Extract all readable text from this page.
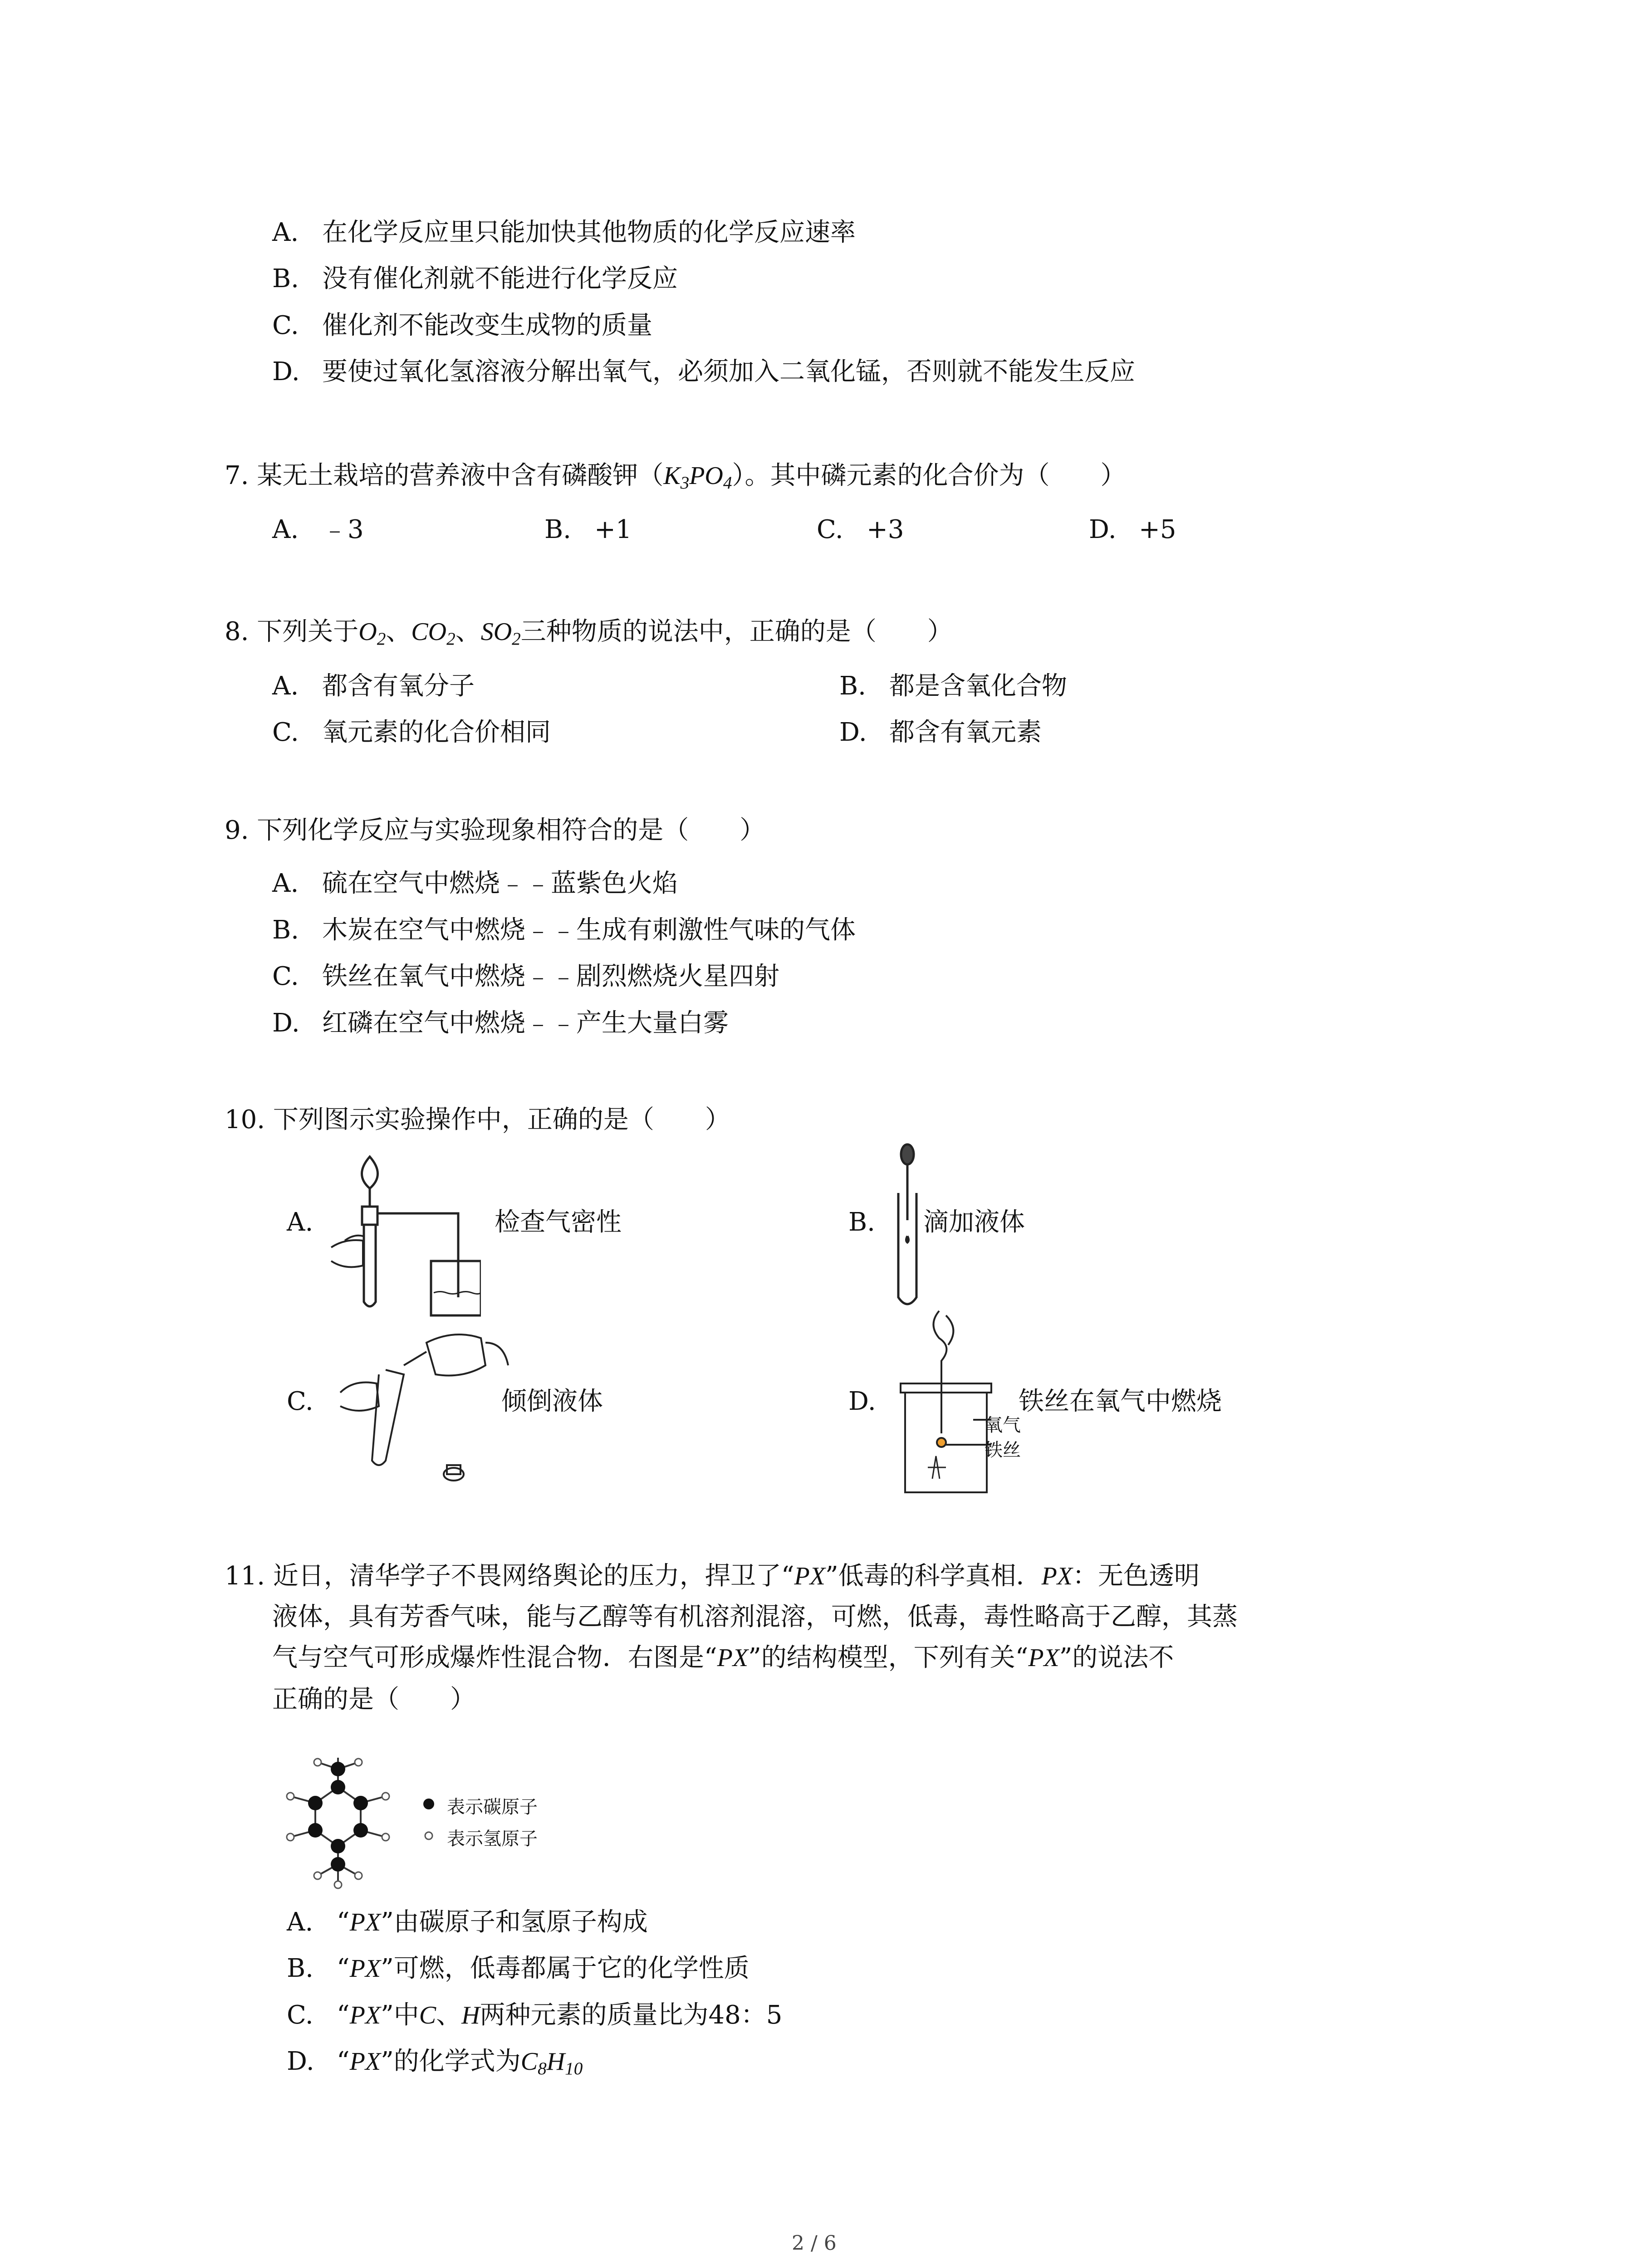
A. 在化学反应里只能加快其他物质的化学反应速率
B. 没有催化剂就不能进行化学反应
C. 催化剂不能改变生成物的质量
D. 要使过氧化氢溶液分解出氧气，必须加入二氧化锰，否则就不能发生反应
7. 某无土栽培的营养液中含有磷酸钾$(K_3PO_4)$。其中磷元素的化合价为（　　）
A. ﹣3	B. +1	C. +3	D. +5
8. 下列关于$O_2$、$CO_2$、$SO_2$三种物质的说法中，正确的是（　　）
A. 都含有氧分子	B. 都是含氧化合物
C. 氧元素的化合价相同	D. 都含有氧元素
9. 下列化学反应与实验现象相符合的是（　　）
A. 硫在空气中燃烧﹣﹣蓝紫色火焰
B. 木炭在空气中燃烧﹣﹣生成有刺激性气味的气体
C. 铁丝在氧气中燃烧﹣﹣剧烈燃烧火星四射
D. 红磷在空气中燃烧﹣﹣产生大量白雾
10. 下列图示实验操作中，正确的是（　　）
A.	检查气密性	B. 滴加液体
C.	倾倒液体	D.
氧气
铁丝
铁丝在氧气中燃烧
11. 近日，清华学子不畏网络舆论的压力，捍卫了“PX”低毒的科学真相．PX：无色透明
液体，具有芳香气味，能与乙醇等有机溶剂混溶，可燃，低毒，毒性略高于乙醇，其蒸
气与空气可形成爆炸性混合物．右图是“PX”的结构模型，下列有关“PX”的说法不
正确的是（　　）
表示碳原子
表示氢原子
A. “PX”由碳原子和氢原子构成
B. “PX”可燃，低毒都属于它的化学性质
C. “PX”中C、H两种元素的质量比为48：5
D. “PX”的化学式为$C_8H_{10}$
2 / 6
